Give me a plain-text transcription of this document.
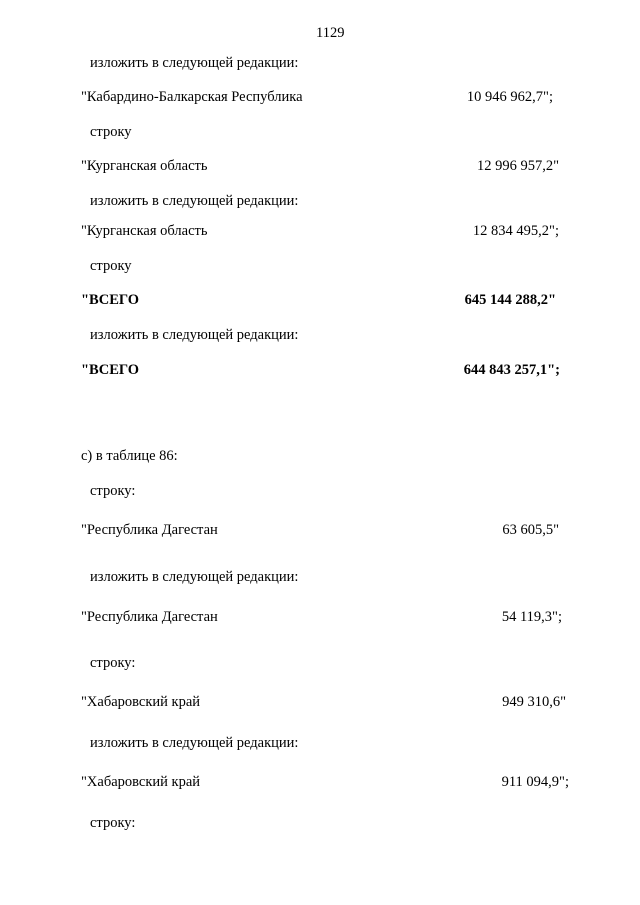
1129
изложить в следующей редакции:
"Кабардино-Балкарская Республика	10 946 962,7";
строку
"Курганская область	12 996 957,2"
изложить в следующей редакции:
"Курганская область	12 834 495,2";
строку
"ВСЕГО	645 144 288,2"
изложить в следующей редакции:
"ВСЕГО	644 843 257,1";
с) в таблице 86:
строку:
"Республика Дагестан	63 605,5"
изложить в следующей редакции:
"Республика Дагестан	54 119,3";
строку:
"Хабаровский край	949 310,6"
изложить в следующей редакции:
"Хабаровский край	911 094,9";
строку:
